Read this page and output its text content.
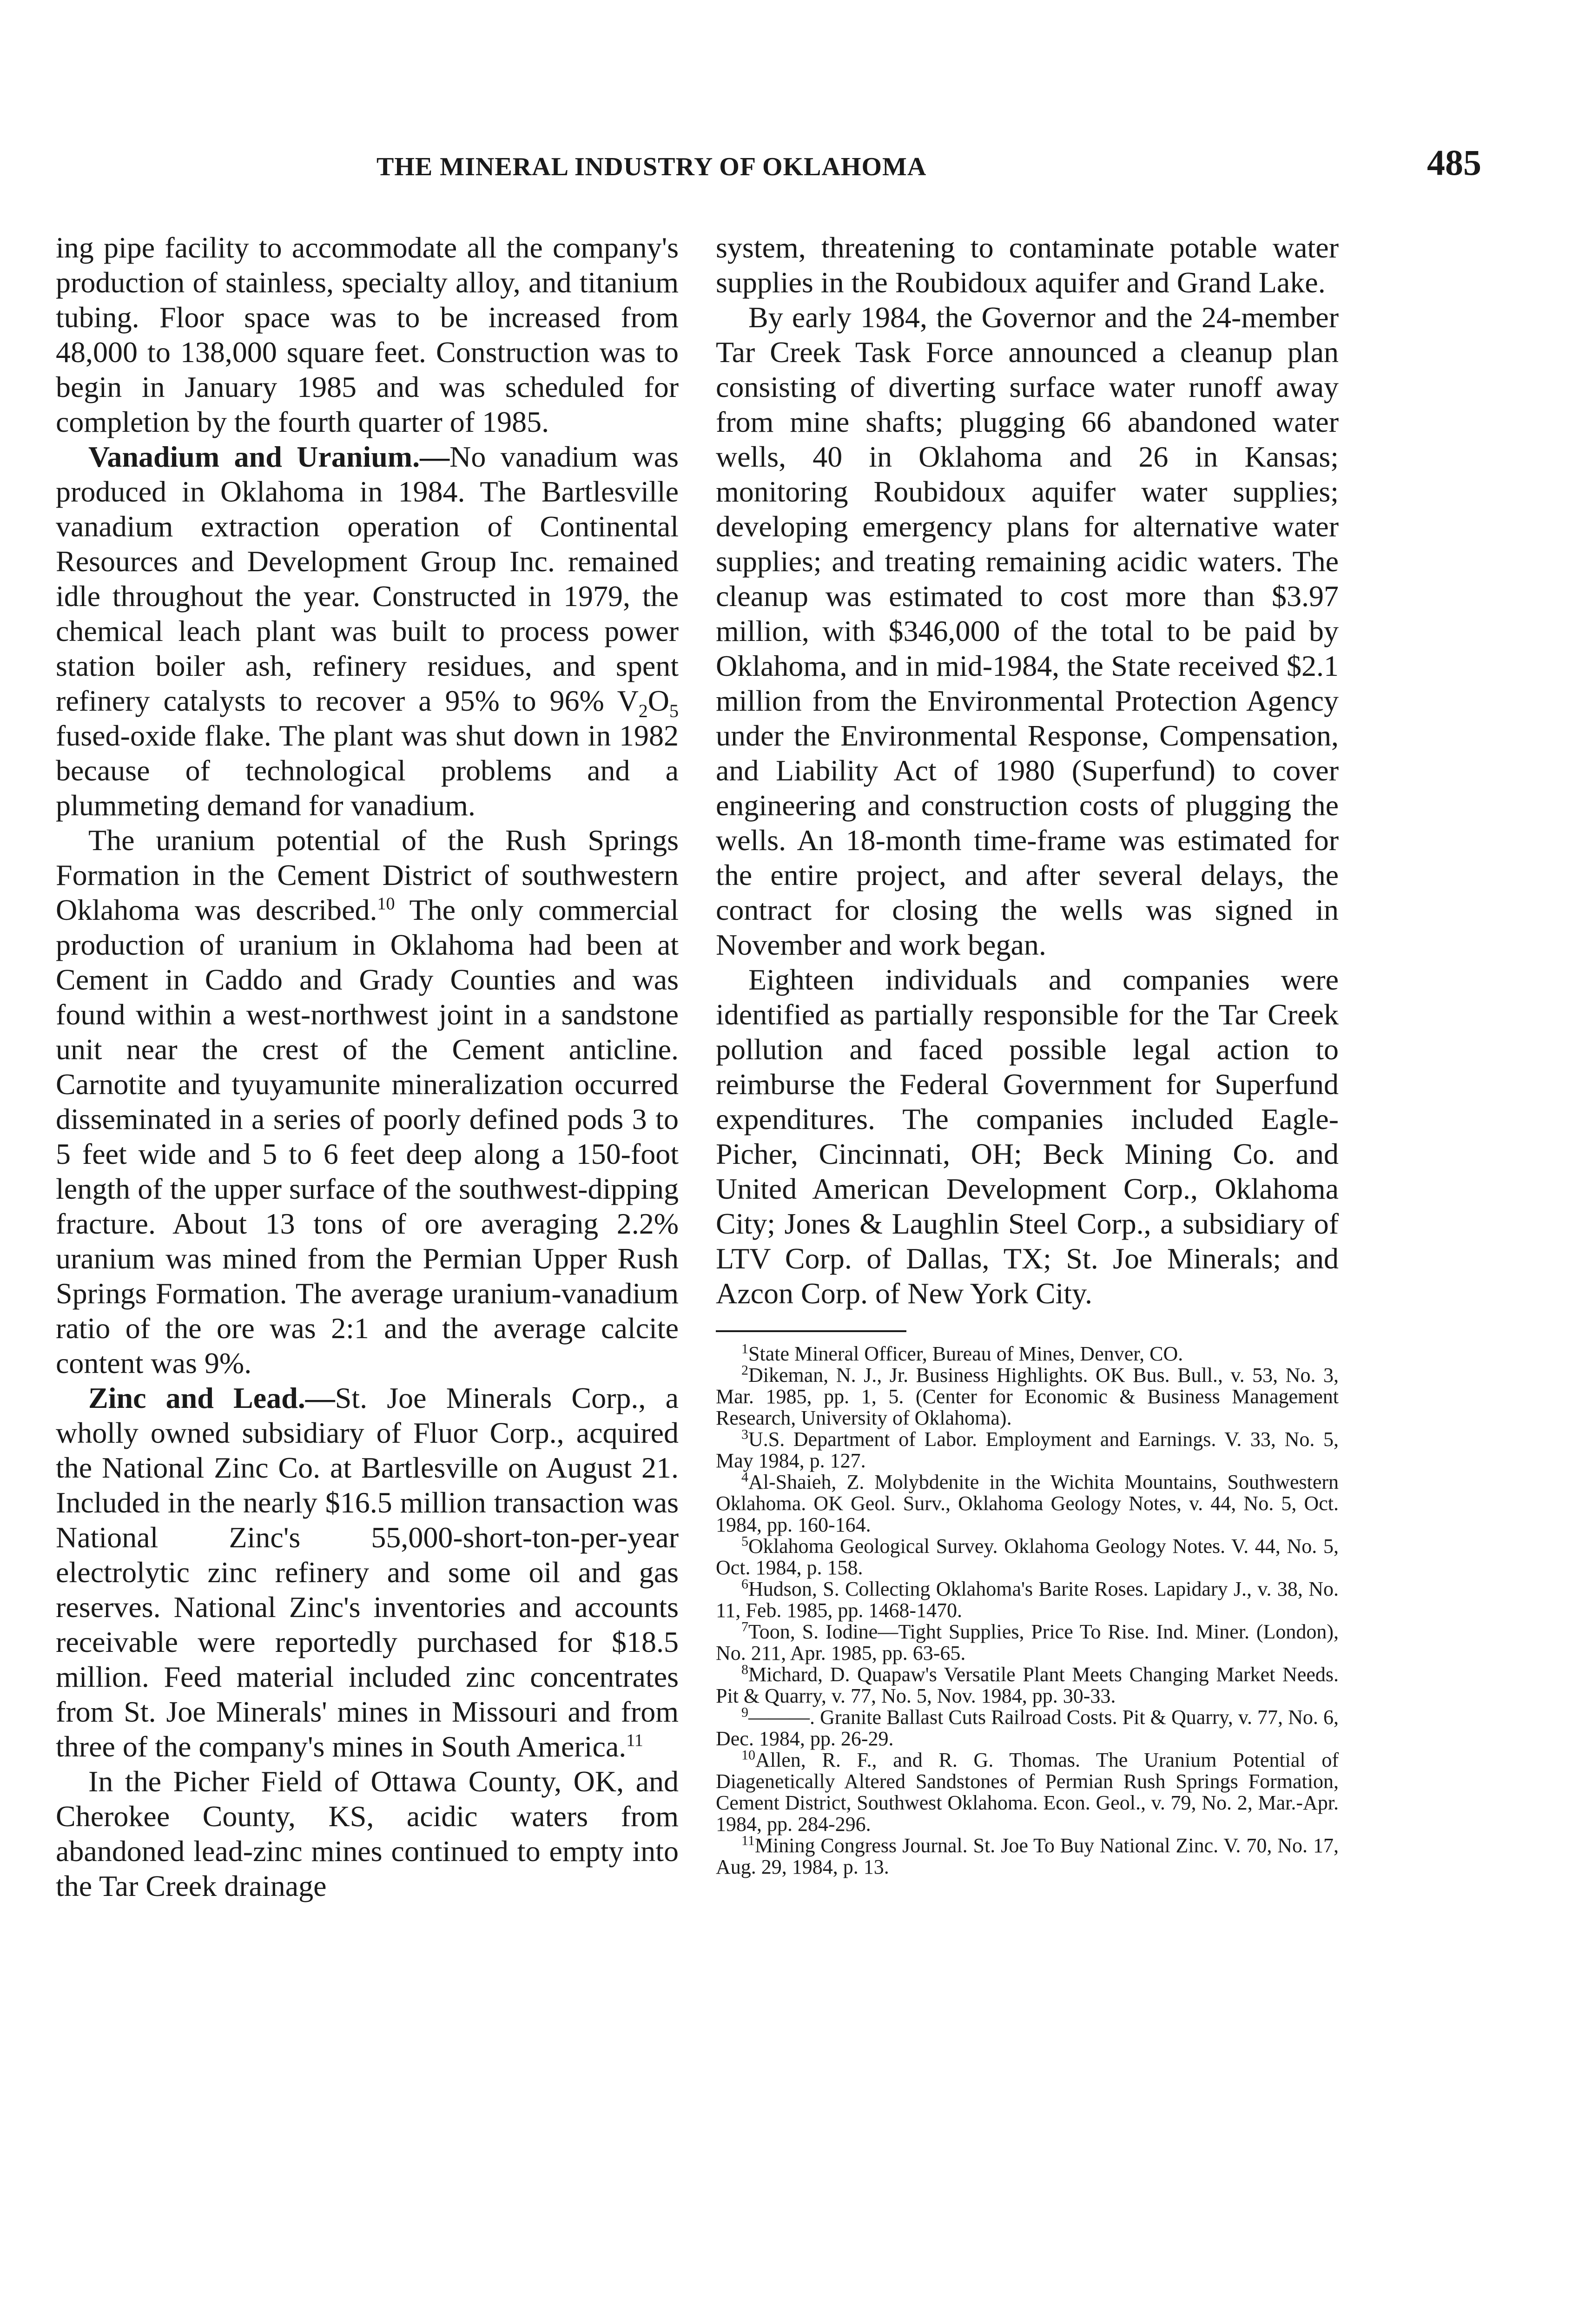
THE MINERAL INDUSTRY OF OKLAHOMA	485

ing pipe facility to accommodate all the company's production of stainless, specialty alloy, and titanium tubing. Floor space was to be increased from 48,000 to 138,000 square feet. Construction was to begin in January 1985 and was scheduled for completion by the fourth quarter of 1985.

Vanadium and Uranium.—No vanadium was produced in Oklahoma in 1984. The Bartlesville vanadium extraction operation of Continental Resources and Development Group Inc. remained idle throughout the year. Constructed in 1979, the chemical leach plant was built to process power station boiler ash, refinery residues, and spent refinery catalysts to recover a 95% to 96% $V_2O_5$ fused-oxide flake. The plant was shut down in 1982 because of technological problems and a plummeting demand for vanadium.

The uranium potential of the Rush Springs Formation in the Cement District of southwestern Oklahoma was described.$^{10}$ The only commercial production of uranium in Oklahoma had been at Cement in Caddo and Grady Counties and was found within a west-northwest joint in a sandstone unit near the crest of the Cement anticline. Carnotite and tyuyamunite mineralization occurred disseminated in a series of poorly defined pods 3 to 5 feet wide and 5 to 6 feet deep along a 150-foot length of the upper surface of the southwest-dipping fracture. About 13 tons of ore averaging 2.2% uranium was mined from the Permian Upper Rush Springs Formation. The average uranium-vanadium ratio of the ore was 2:1 and the average calcite content was 9%.

Zinc and Lead.—St. Joe Minerals Corp., a wholly owned subsidiary of Fluor Corp., acquired the National Zinc Co. at Bartlesville on August 21. Included in the nearly $16.5 million transaction was National Zinc's 55,000-short-ton-per-year electrolytic zinc refinery and some oil and gas reserves. National Zinc's inventories and accounts receivable were reportedly purchased for $18.5 million. Feed material included zinc concentrates from St. Joe Minerals' mines in Missouri and from three of the company's mines in South America.$^{11}$

In the Picher Field of Ottawa County, OK, and Cherokee County, KS, acidic waters from abandoned lead-zinc mines continued to empty into the Tar Creek drainage

system, threatening to contaminate potable water supplies in the Roubidoux aquifer and Grand Lake.

By early 1984, the Governor and the 24-member Tar Creek Task Force announced a cleanup plan consisting of diverting surface water runoff away from mine shafts; plugging 66 abandoned water wells, 40 in Oklahoma and 26 in Kansas; monitoring Roubidoux aquifer water supplies; developing emergency plans for alternative water supplies; and treating remaining acidic waters. The cleanup was estimated to cost more than $3.97 million, with $346,000 of the total to be paid by Oklahoma, and in mid-1984, the State received $2.1 million from the Environmental Protection Agency under the Environmental Response, Compensation, and Liability Act of 1980 (Superfund) to cover engineering and construction costs of plugging the wells. An 18-month time-frame was estimated for the entire project, and after several delays, the contract for closing the wells was signed in November and work began.

Eighteen individuals and companies were identified as partially responsible for the Tar Creek pollution and faced possible legal action to reimburse the Federal Government for Superfund expenditures. The companies included Eagle-Picher, Cincinnati, OH; Beck Mining Co. and United American Development Corp., Oklahoma City; Jones & Laughlin Steel Corp., a subsidiary of LTV Corp. of Dallas, TX; St. Joe Minerals; and Azcon Corp. of New York City.

$^1$State Mineral Officer, Bureau of Mines, Denver, CO.

$^2$Dikeman, N. J., Jr. Business Highlights. OK Bus. Bull., v. 53, No. 3, Mar. 1985, pp. 1, 5. (Center for Economic & Business Management Research, University of Oklahoma).

$^3$U.S. Department of Labor. Employment and Earnings. V. 33, No. 5, May 1984, p. 127.

$^4$Al-Shaieh, Z. Molybdenite in the Wichita Mountains, Southwestern Oklahoma. OK Geol. Surv., Oklahoma Geology Notes, v. 44, No. 5, Oct. 1984, pp. 160-164.

$^5$Oklahoma Geological Survey. Oklahoma Geology Notes. V. 44, No. 5, Oct. 1984, p. 158.

$^6$Hudson, S. Collecting Oklahoma's Barite Roses. Lapidary J., v. 38, No. 11, Feb. 1985, pp. 1468-1470.

$^7$Toon, S. Iodine—Tight Supplies, Price To Rise. Ind. Miner. (London), No. 211, Apr. 1985, pp. 63-65.

$^8$Michard, D. Quapaw's Versatile Plant Meets Changing Market Needs. Pit & Quarry, v. 77, No. 5, Nov. 1984, pp. 30-33.

$^9$———. Granite Ballast Cuts Railroad Costs. Pit & Quarry, v. 77, No. 6, Dec. 1984, pp. 26-29.

$^{10}$Allen, R. F., and R. G. Thomas. The Uranium Potential of Diagenetically Altered Sandstones of Permian Rush Springs Formation, Cement District, Southwest Oklahoma. Econ. Geol., v. 79, No. 2, Mar.-Apr. 1984, pp. 284-296.

$^{11}$Mining Congress Journal. St. Joe To Buy National Zinc. V. 70, No. 17, Aug. 29, 1984, p. 13.
